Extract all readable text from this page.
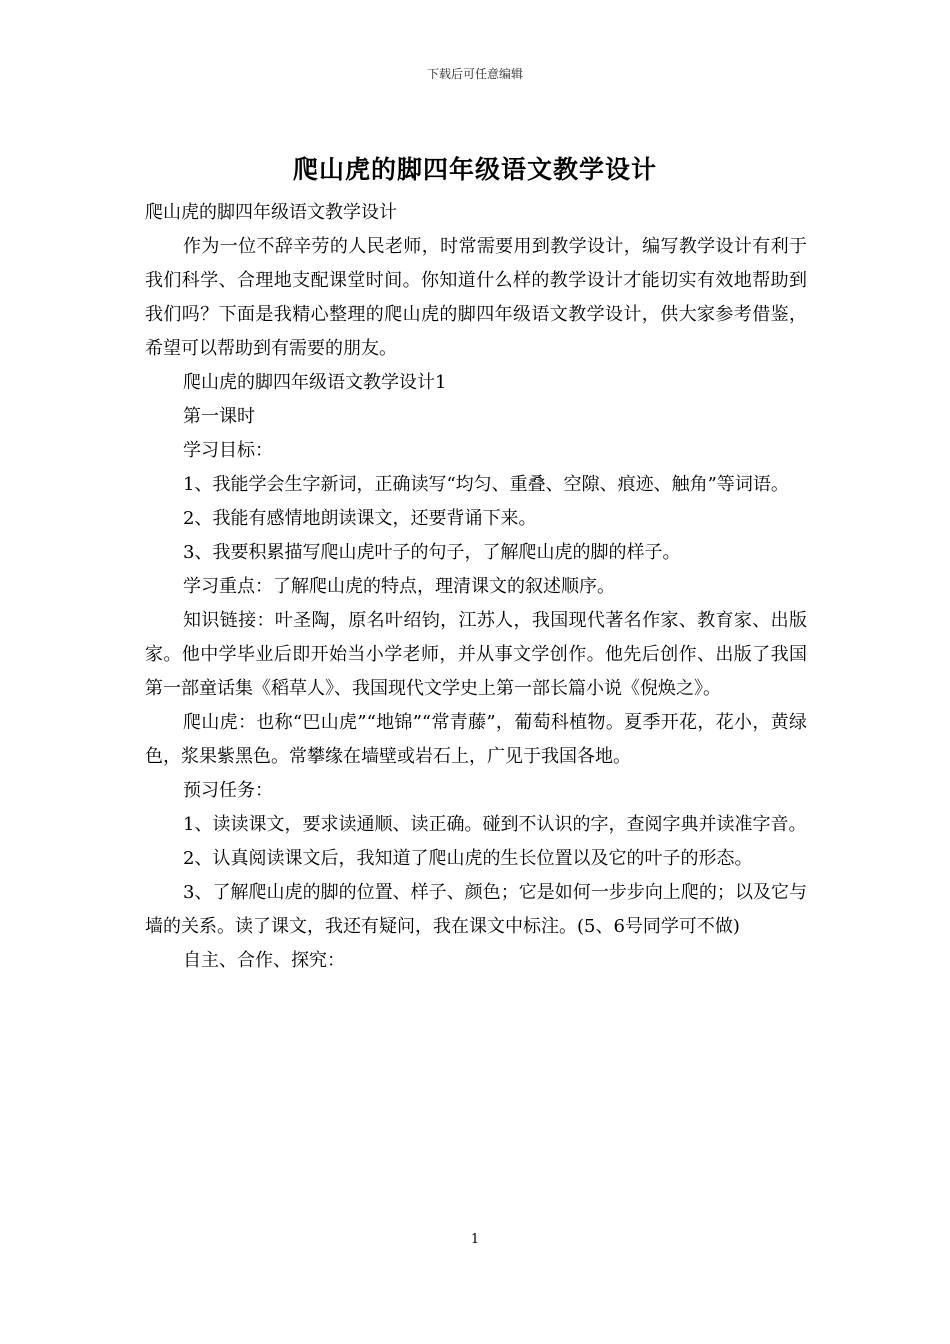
下载后可任意编辑
爬山虎的脚四年级语文教学设计

爬山虎的脚四年级语文教学设计

作为一位不辞辛劳的人民老师，时常需要用到教学设计，编写教学设计有利于我们科学、合理地支配课堂时间。你知道什么样的教学设计才能切实有效地帮助到我们吗？下面是我精心整理的爬山虎的脚四年级语文教学设计，供大家参考借鉴，希望可以帮助到有需要的朋友。

爬山虎的脚四年级语文教学设计1

第一课时

学习目标：

1、我能学会生字新词，正确读写“均匀、重叠、空隙、痕迹、触角”等词语。

2、我能有感情地朗读课文，还要背诵下来。

3、我要积累描写爬山虎叶子的句子，了解爬山虎的脚的样子。

学习重点：了解爬山虎的特点，理清课文的叙述顺序。

知识链接：叶圣陶，原名叶绍钧，江苏人，我国现代著名作家、教育家、出版家。他中学毕业后即开始当小学老师，并从事文学创作。他先后创作、出版了我国第一部童话集《稻草人》、我国现代文学史上第一部长篇小说《倪焕之》。

爬山虎：也称“巴山虎”“地锦”“常青藤”，葡萄科植物。夏季开花，花小，黄绿色，浆果紫黑色。常攀缘在墙壁或岩石上，广见于我国各地。

预习任务：

1、读读课文，要求读通顺、读正确。碰到不认识的字，查阅字典并读准字音。

2、认真阅读课文后，我知道了爬山虎的生长位置以及它的叶子的形态。

3、了解爬山虎的脚的位置、样子、颜色；它是如何一步步向上爬的；以及它与墙的关系。读了课文，我还有疑问，我在课文中标注。(5、6号同学可不做)

自主、合作、探究：

1
